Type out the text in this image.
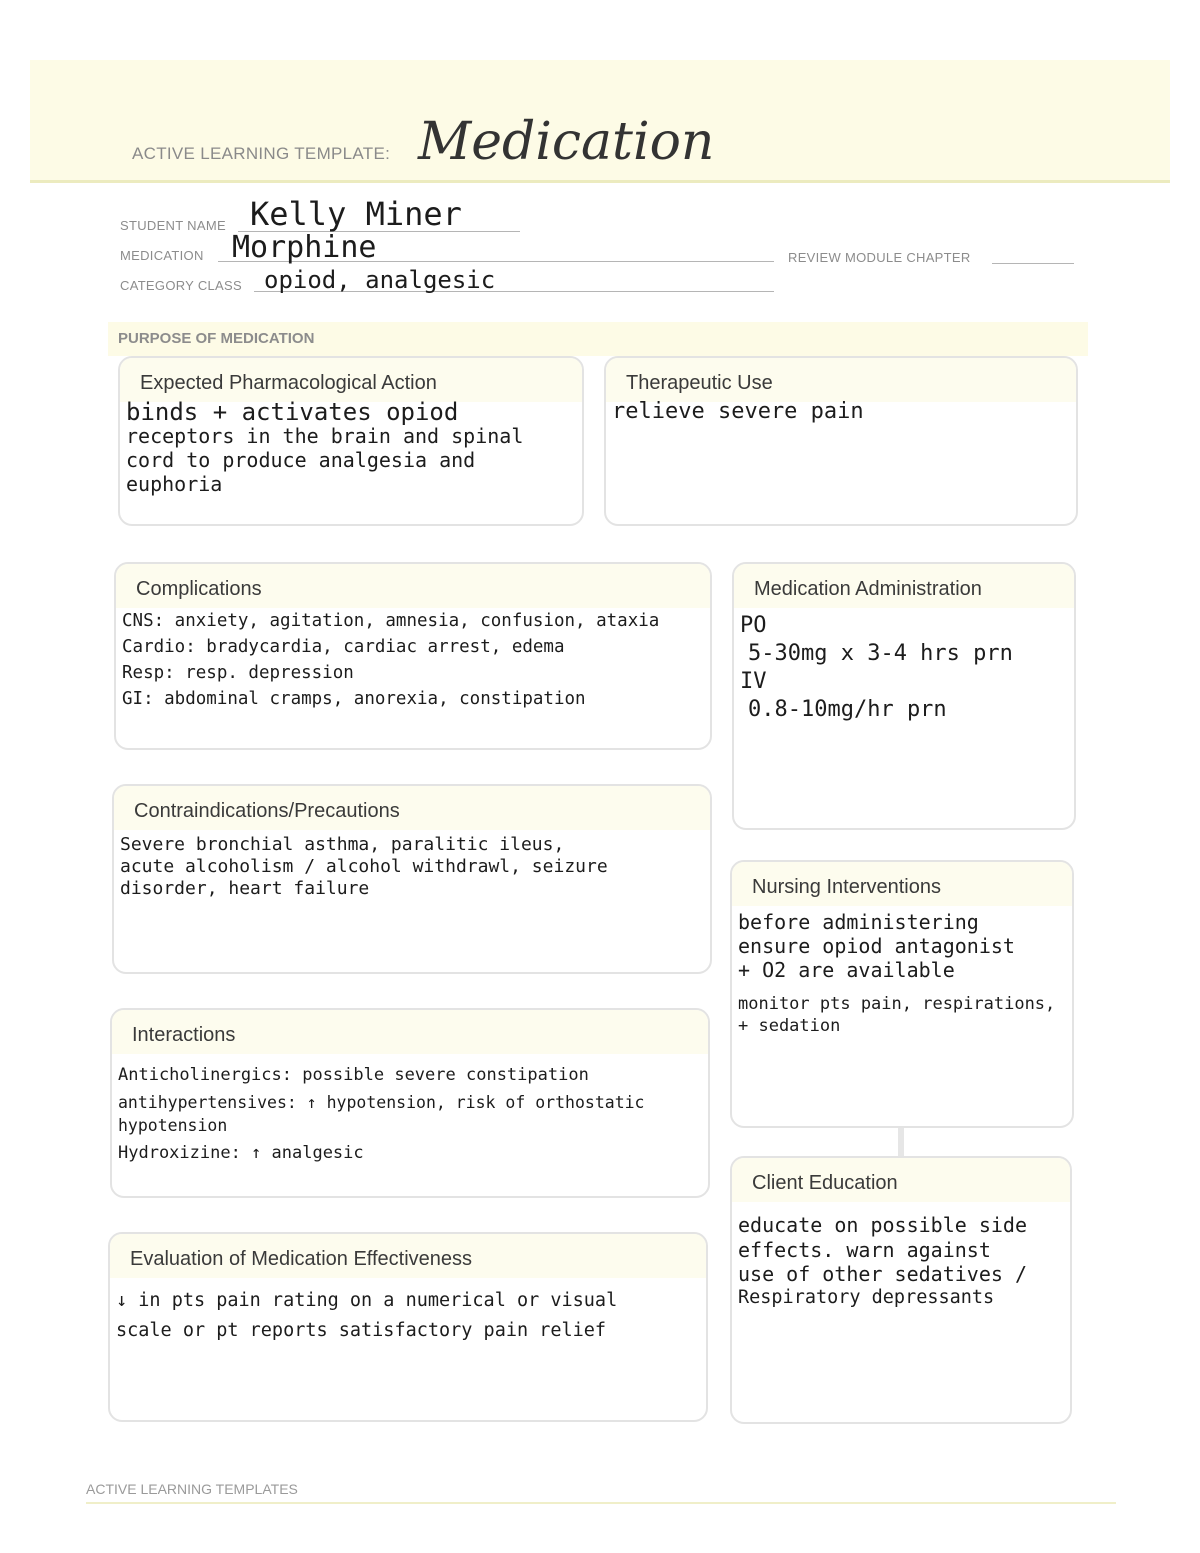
ACTIVE LEARNING TEMPLATE: Medication
STUDENT NAME Kelly Miner
MEDICATION Morphine	REVIEW MODULE CHAPTER
CATEGORY CLASS opiod, analgesic
PURPOSE OF MEDICATION
Expected Pharmacological Action
binds + activates opiod
receptors in the brain and spinal
cord to produce analgesia and
euphoria
Therapeutic Use
relieve severe pain
Complications
CNS: anxiety, agitation, amnesia, confusion, ataxia
Cardio: bradycardia, cardiac arrest, edema
Resp: resp. depression
GI: abdominal cramps, anorexia, constipation
Medication Administration
PO
5-30mg x 3-4 hrs prn
IV
0.8-10mg/hr prn
Contraindications/Precautions
Severe bronchial asthma, paralitic ileus,
acute alcoholism / alcohol withdrawl, seizure
disorder, heart failure	Nursing Interventions
before administering
ensure opiod antagonist
+ O2 are available
monitor pts pain, respirations,
+ sedation
Interactions
Anticholinergics: possible severe constipation
antihypertensives: ↑ hypotension, risk of orthostatic
hypotension
Hydroxizine: ↑ analgesic
Client Education
educate on possible side
effects. warn against
use of other sedatives /
Respiratory depressants
Evaluation of Medication Effectiveness
↓ in pts pain rating on a numerical or visual
scale or pt reports satisfactory pain relief
ACTIVE LEARNING TEMPLATES
